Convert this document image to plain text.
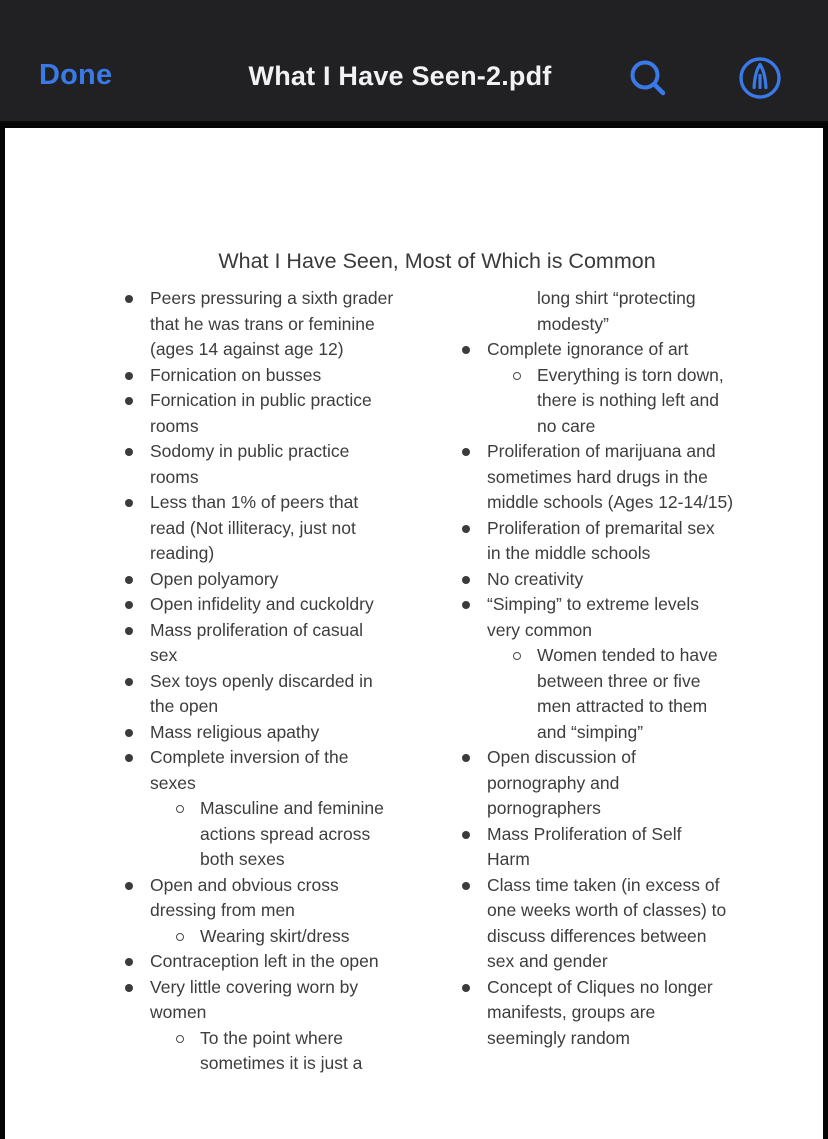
Done	What I Have Seen-2.pdf
What I Have Seen, Most of Which is Common
Peers pressuring a sixth grader
that he was trans or feminine
(ages 14 against age 12)
Fornication on busses
Fornication in public practice
rooms
Sodomy in public practice
rooms
Less than 1% of peers that
read (Not illiteracy, just not
reading)
Open polyamory
Open infidelity and cuckoldry
Mass proliferation of casual
sex
Sex toys openly discarded in
the open
Mass religious apathy
Complete inversion of the
sexes
Masculine and feminine
actions spread across
both sexes
Open and obvious cross
dressing from men
Wearing skirt/dress
Contraception left in the open
Very little covering worn by
women
To the point where
sometimes it is just a
long shirt “protecting
modesty”
Complete ignorance of art
Everything is torn down,
there is nothing left and
no care
Proliferation of marijuana and
sometimes hard drugs in the
middle schools (Ages 12-14/15)
Proliferation of premarital sex
in the middle schools
No creativity
“Simping” to extreme levels
very common
Women tended to have
between three or five
men attracted to them
and “simping”
Open discussion of
pornography and
pornographers
Mass Proliferation of Self
Harm
Class time taken (in excess of
one weeks worth of classes) to
discuss differences between
sex and gender
Concept of Cliques no longer
manifests, groups are
seemingly random
